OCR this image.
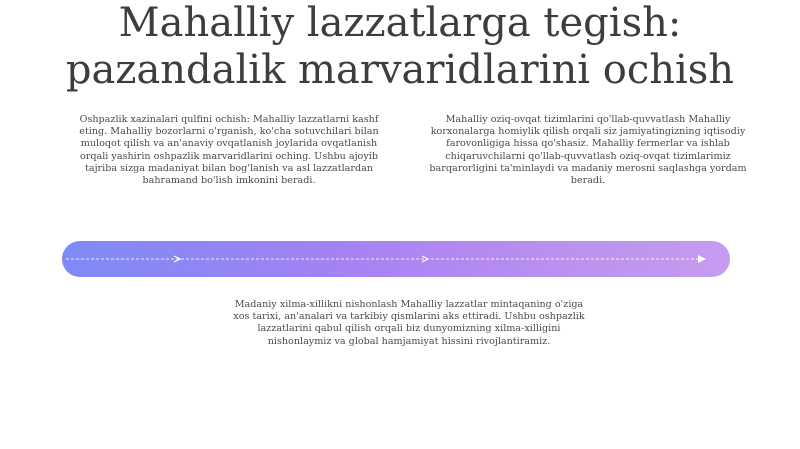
Mahalliy lazzatlarga tegish:
pazandalik marvaridlarini ochish
Oshpazlik xazinalari qulfini ochish: Mahalliy lazzatlarni kashf eting. Mahalliy bozorlarni o'rganish, ko'cha sotuvchilari bilan muloqot qilish va an'anaviy ovqatlanish joylarida ovqatlanish orqali yashirin oshpazlik marvaridlarini oching. Ushbu ajoyib tajriba sizga madaniyat bilan bog'lanish va asl lazzatlardan bahramand bo'lish imkonini beradi.
Mahalliy oziq-ovqat tizimlarini qo'llab-quvvatlash Mahalliy korxonalarga homiylik qilish orqali siz jamiyatingizning iqtisodiy farovonligiga hissa qo'shasiz. Mahalliy fermerlar va ishlab chiqaruvchilarni qo'llab-quvvatlash oziq-ovqat tizimlarimiz barqarorligini ta'minlaydi va madaniy merosni saqlashga yordam beradi.
Madaniy xilma-xillikni nishonlash Mahalliy lazzatlar mintaqaning o'ziga xos tarixi, an'analari va tarkibiy qismlarini aks ettiradi. Ushbu oshpazlik lazzatlarini qabul qilish orqali biz dunyomizning xilma-xilligini nishonlaymiz va global hamjamiyat hissini rivojlantiramiz.
